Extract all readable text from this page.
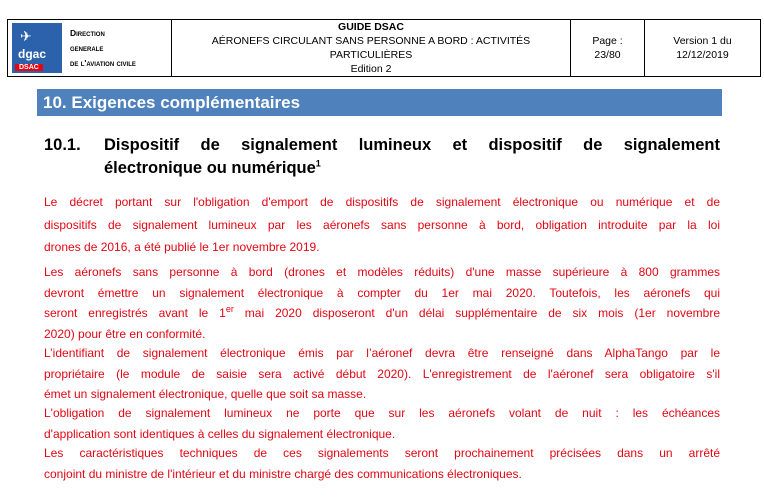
✈
dgac
DSAC
Direction
generale
de l'aviation civile

GUIDE DSAC
AÉRONEFS CIRCULANT SANS PERSONNE A BORD : ACTIVITÉS PARTICULIÈRES
Edition 2

Page :
23/80

Version 1 du
12/12/2019
10. Exigences complémentaires
10.1. Dispositif de signalement lumineux et dispositif de signalement
électronique ou numérique$^1$
Le décret portant sur l'obligation d'emport de dispositifs de signalement électronique ou numérique et de
dispositifs de signalement lumineux par les aéronefs sans personne à bord, obligation introduite par la loi
drones de 2016, a été publié le 1er novembre 2019.
Les aéronefs sans personne à bord (drones et modèles réduits) d'une masse supérieure à 800 grammes
devront émettre un signalement électronique à compter du 1er mai 2020. Toutefois, les aéronefs qui
seront enregistrés avant le 1er mai 2020 disposeront d'un délai supplémentaire de six mois (1er novembre
2020) pour être en conformité.
L’identifiant de signalement électronique émis par l’aéronef devra être renseigné dans AlphaTango par le
propriétaire (le module de saisie sera activé début 2020). L'enregistrement de l'aéronef sera obligatoire s'il
émet un signalement électronique, quelle que soit sa masse.
L'obligation de signalement lumineux ne porte que sur les aéronefs volant de nuit : les échéances
d'application sont identiques à celles du signalement électronique.
Les caractéristiques techniques de ces signalements seront prochainement précisées dans un arrêté
conjoint du ministre de l'intérieur et du ministre chargé des communications électroniques.
